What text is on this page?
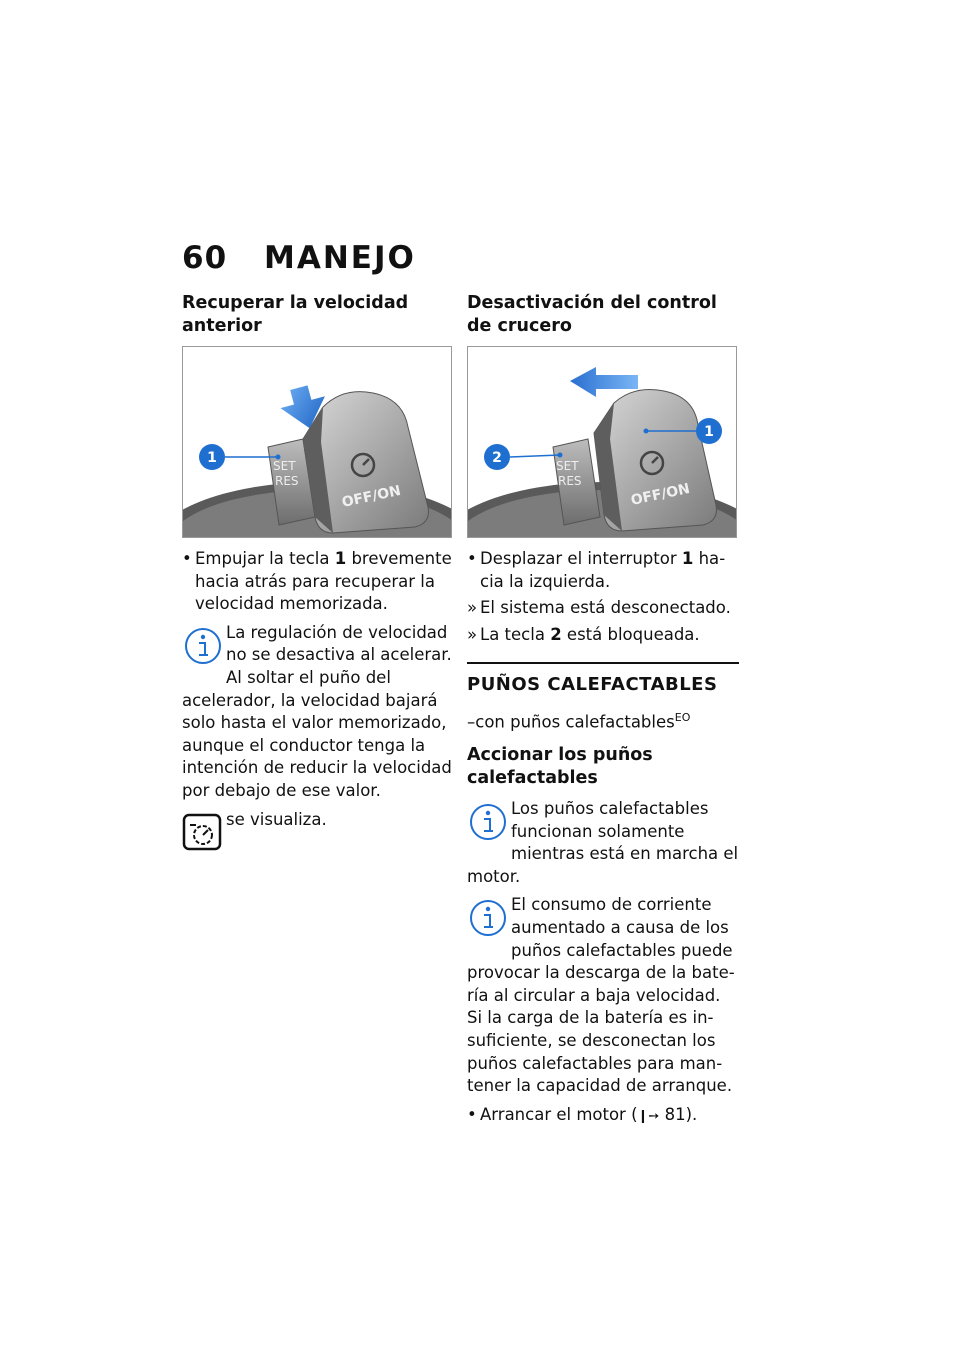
60	MANEJO
Recuperar la velocidad anterior
SET
RES
OFF/ON
1
• Empujar la tecla 1 brevemente hacia atrás para recuperar la velocidad memorizada.
La regulación de velocidad no se desactiva al acelerar. Al soltar el puño del acelerador, la velocidad bajará solo hasta el valor memorizado, aunque el conductor tenga la intención de reducir la velocidad por debajo de ese valor.
se visualiza.
Desactivación del control de crucero
SET
RES	OFF/ON
2
1
• Desplazar el interruptor 1 hacia la izquierda.
» El sistema está desconectado.
» La tecla 2 está bloqueada.
PUÑOS CALEFACTABLES
–con puños calefactables$^{EO}$
Accionar los puños calefactables
Los puños calefactables funcionan solamente mientras está en marcha el motor.
El consumo de corriente aumentado a causa de los puños calefactables puede provocar la descarga de la batería al circular a baja velocidad. Si la carga de la batería es insuficiente, se desconectan los puños calefactables para mantener la capacidad de arranque.
• Arrancar el motor (❙➙ 81).
